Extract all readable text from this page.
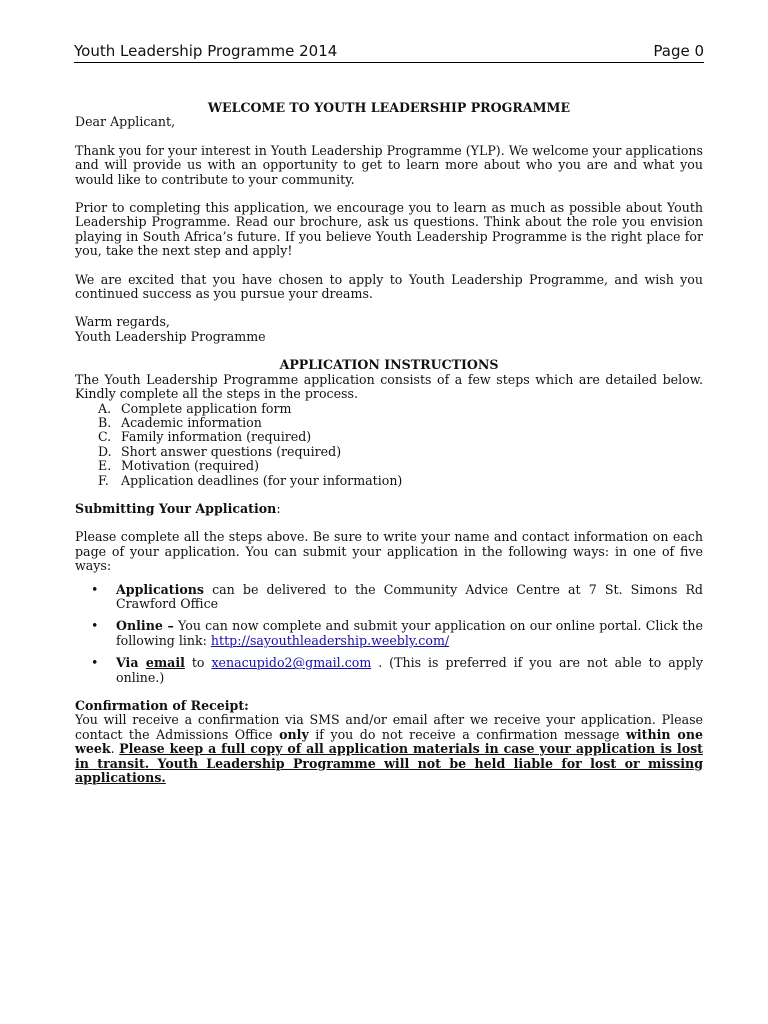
Youth Leadership Programme 2014	Page 0

WELCOME TO YOUTH LEADERSHIP PROGRAMME

Dear Applicant,

Thank you for your interest in Youth Leadership Programme (YLP). We welcome your applications and will provide us with an opportunity to get to learn more about who you are and what you would like to contribute to your community.

Prior to completing this application, we encourage you to learn as much as possible about Youth Leadership Programme. Read our brochure, ask us questions. Think about the role you envision playing in South Africa’s future. If you believe Youth Leadership Programme is the right place for you, take the next step and apply!

We are excited that you have chosen to apply to Youth Leadership Programme, and wish you continued success as you pursue your dreams.

Warm regards,

Youth Leadership Programme

APPLICATION INSTRUCTIONS

The Youth Leadership Programme application consists of a few steps which are detailed below. Kindly complete all the steps in the process.

A. Complete application form
B. Academic information
C. Family information (required)
D. Short answer questions (required)
E. Motivation (required)
F. Application deadlines (for your information)

Submitting Your Application:

Please complete all the steps above. Be sure to write your name and contact information on each page of your application. You can submit your application in the following ways: in one of five ways:

• Applications can be delivered to the Community Advice Centre at 7 St. Simons Rd Crawford Office
• Online – You can now complete and submit your application on our online portal. Click the following link: http://sayouthleadership.weebly.com/
• Via email to xenacupido2@gmail.com . (This is preferred if you are not able to apply online.)

Confirmation of Receipt:

You will receive a confirmation via SMS and/or email after we receive your application. Please contact the Admissions Office only if you do not receive a confirmation message within one week. Please keep a full copy of all application materials in case your application is lost in transit. Youth Leadership Programme will not be held liable for lost or missing applications.
